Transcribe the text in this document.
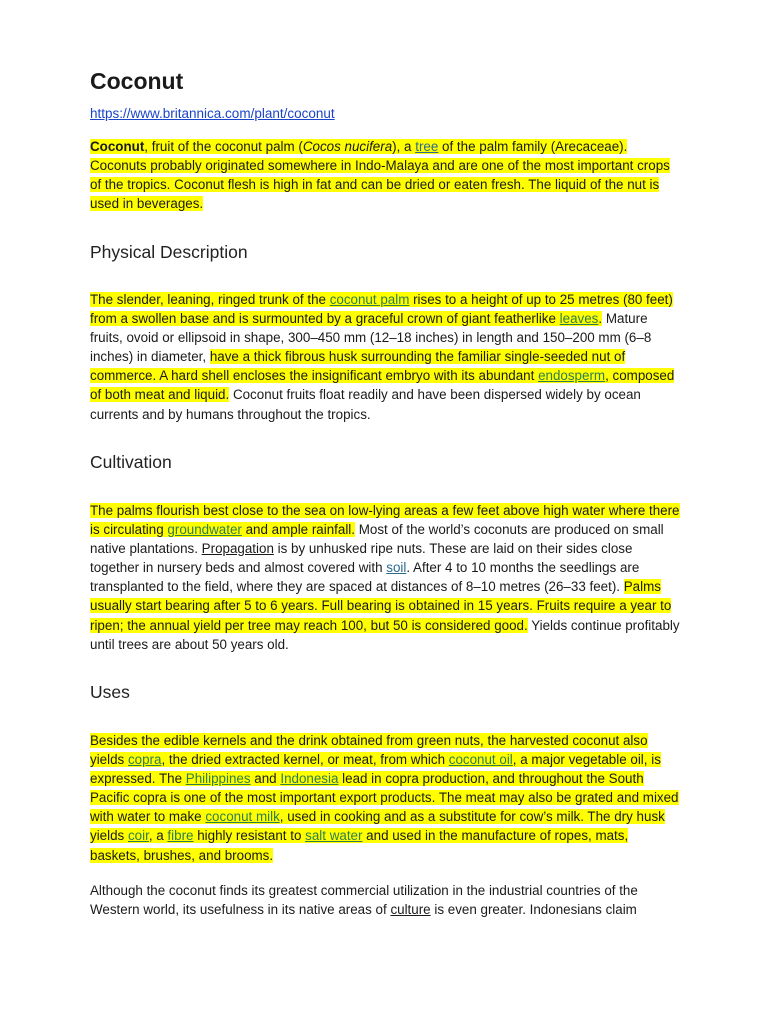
Coconut
https://www.britannica.com/plant/coconut

Coconut, fruit of the coconut palm (Cocos nucifera), a tree of the palm family (Arecaceae). Coconuts probably originated somewhere in Indo-Malaya and are one of the most important crops of the tropics. Coconut flesh is high in fat and can be dried or eaten fresh. The liquid of the nut is used in beverages.

Physical Description

The slender, leaning, ringed trunk of the coconut palm rises to a height of up to 25 metres (80 feet) from a swollen base and is surmounted by a graceful crown of giant featherlike leaves. Mature fruits, ovoid or ellipsoid in shape, 300–450 mm (12–18 inches) in length and 150–200 mm (6–8 inches) in diameter, have a thick fibrous husk surrounding the familiar single-seeded nut of commerce. A hard shell encloses the insignificant embryo with its abundant endosperm, composed of both meat and liquid. Coconut fruits float readily and have been dispersed widely by ocean currents and by humans throughout the tropics.

Cultivation

The palms flourish best close to the sea on low-lying areas a few feet above high water where there is circulating groundwater and ample rainfall. Most of the world’s coconuts are produced on small native plantations. Propagation is by unhusked ripe nuts. These are laid on their sides close together in nursery beds and almost covered with soil. After 4 to 10 months the seedlings are transplanted to the field, where they are spaced at distances of 8–10 metres (26–33 feet). Palms usually start bearing after 5 to 6 years. Full bearing is obtained in 15 years. Fruits require a year to ripen; the annual yield per tree may reach 100, but 50 is considered good. Yields continue profitably until trees are about 50 years old.

Uses

Besides the edible kernels and the drink obtained from green nuts, the harvested coconut also yields copra, the dried extracted kernel, or meat, from which coconut oil, a major vegetable oil, is expressed. The Philippines and Indonesia lead in copra production, and throughout the South Pacific copra is one of the most important export products. The meat may also be grated and mixed with water to make coconut milk, used in cooking and as a substitute for cow’s milk. The dry husk yields coir, a fibre highly resistant to salt water and used in the manufacture of ropes, mats, baskets, brushes, and brooms.

Although the coconut finds its greatest commercial utilization in the industrial countries of the Western world, its usefulness in its native areas of culture is even greater. Indonesians claim
